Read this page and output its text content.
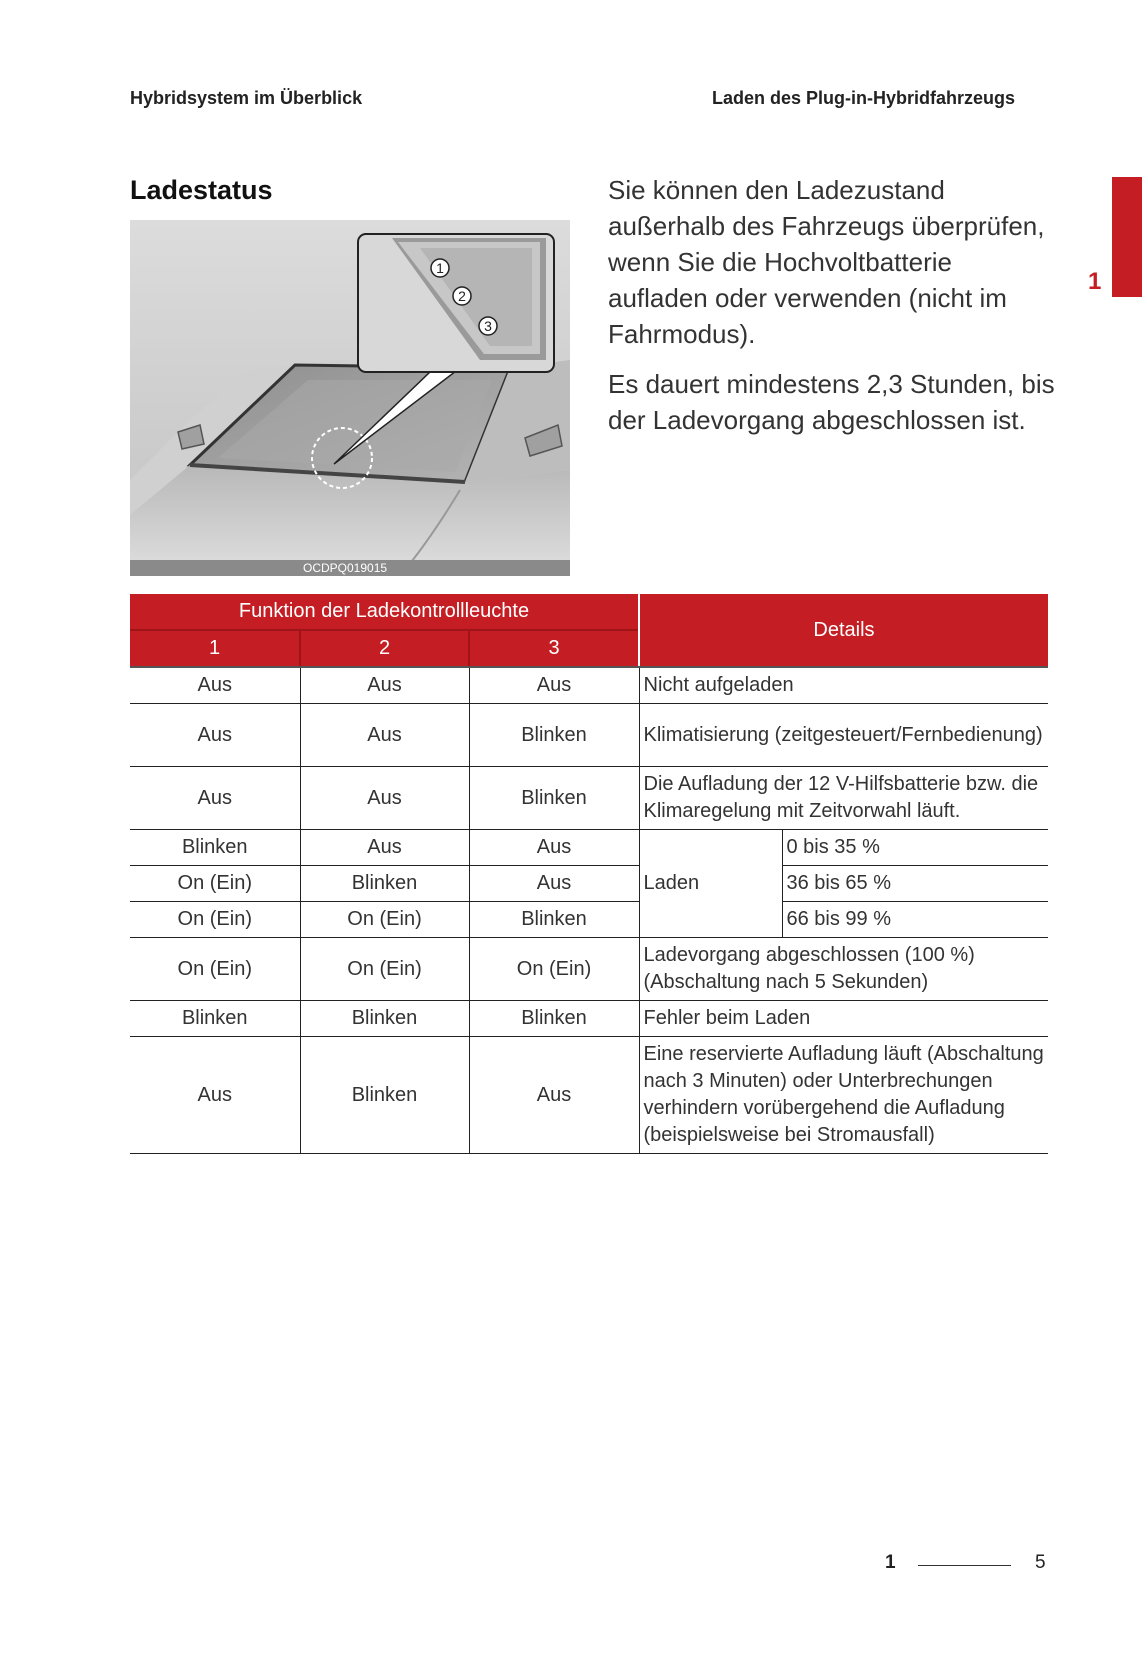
Hybridsystem im Überblick	Laden des Plug-in-Hybridfahrzeugs
1
Ladestatus
1
2
3
OCDPQ019015

Sie können den Ladezustand außerhalb des Fahrzeugs überprüfen, wenn Sie die Hochvoltbatterie aufladen oder verwenden (nicht im Fahrmodus).

Es dauert mindestens 2,3 Stunden, bis der Ladevorgang abgeschlossen ist.

Funktion der Ladekontrollleuchte			Details	
1	2	3		
Aus	Aus	Aus	Nicht aufgeladen	
Aus	Aus	Blinken	Klimatisierung (zeitgesteuert/Fernbedienung)	
Aus	Aus	Blinken	Die Aufladung der 12 V-Hilfsbatterie bzw. die Klimaregelung mit Zeitvorwahl läuft.	
Blinken	Aus	Aus	Laden	0 bis 35 %
On (Ein)	Blinken	Aus		36 bis 65 %
On (Ein)	On (Ein)	Blinken		66 bis 99 %
On (Ein)	On (Ein)	On (Ein)	Ladevorgang abgeschlossen (100 %) (Abschaltung nach 5 Sekunden)	
Blinken	Blinken	Blinken	Fehler beim Laden	
Aus	Blinken	Aus	Eine reservierte Aufladung läuft (Abschaltung nach 3 Minuten) oder Unterbrechungen verhindern vorübergehend die Aufladung (beispielsweise bei Stromausfall)	
1	5
